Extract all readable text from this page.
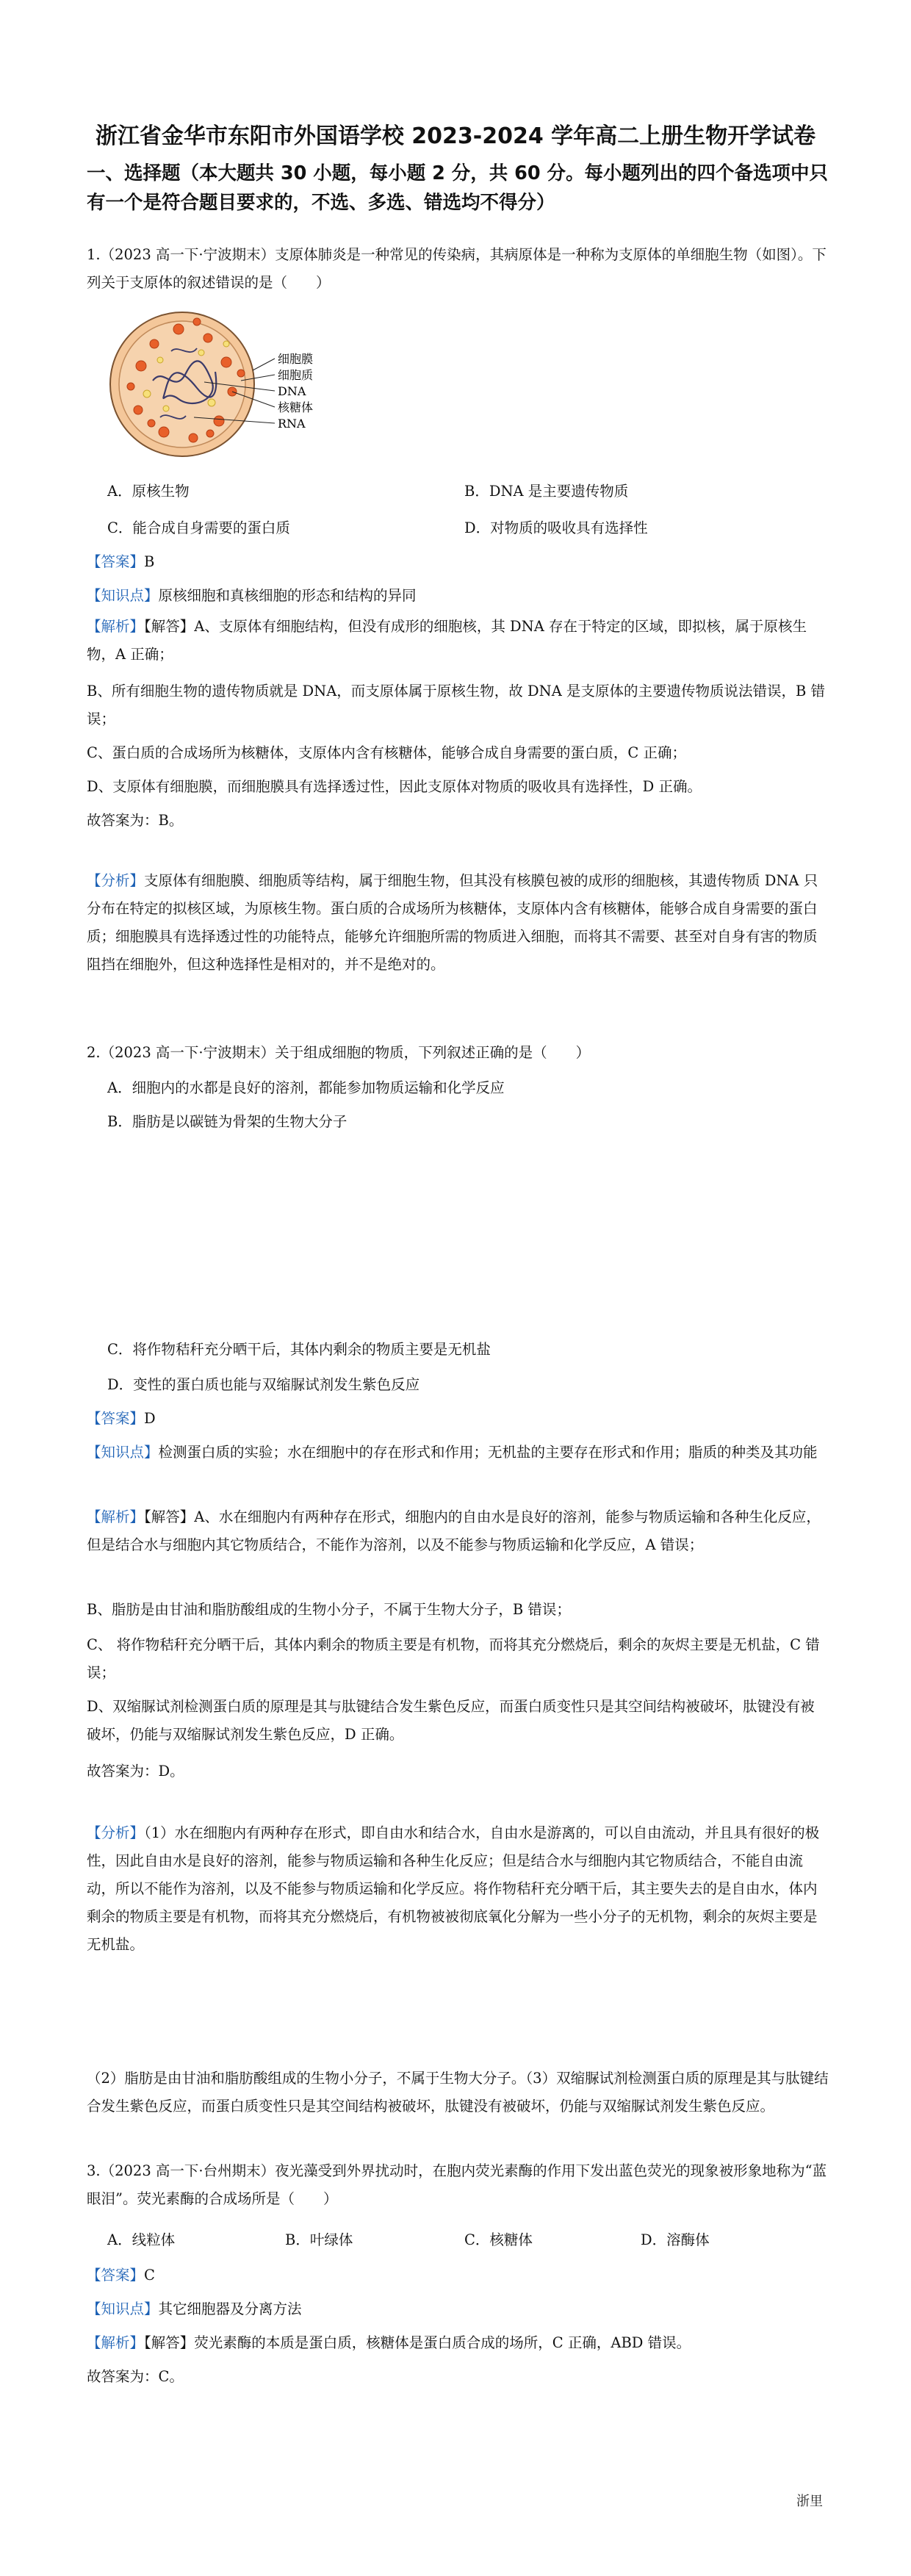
浙江省金华市东阳市外国语学校 2023-2024 学年高二上册生物开学试卷
一、选择题（本大题共 30 小题，每小题 2 分，共 60 分。每小题列出的四个备选项中只有一个是符合题目要求的，不选、多选、错选均不得分）
1.（2023 高一下·宁波期末）支原体肺炎是一种常见的传染病，其病原体是一种称为支原体的单细胞生物（如图）。下列关于支原体的叙述错误的是（　　）
细胞膜
细胞质
DNA
核糖体
RNA
A．原核生物	B．DNA 是主要遗传物质
C．能合成自身需要的蛋白质	D．对物质的吸收具有选择性
【答案】B
【知识点】原核细胞和真核细胞的形态和结构的异同
【解析】【解答】A、支原体有细胞结构，但没有成形的细胞核，其 DNA 存在于特定的区域，即拟核，属于原核生物，A 正确；
B、所有细胞生物的遗传物质就是 DNA，而支原体属于原核生物，故 DNA 是支原体的主要遗传物质说法错误，B 错误；
C、蛋白质的合成场所为核糖体，支原体内含有核糖体，能够合成自身需要的蛋白质，C 正确；
D、支原体有细胞膜，而细胞膜具有选择透过性，因此支原体对物质的吸收具有选择性，D 正确。
故答案为：B。
【分析】支原体有细胞膜、细胞质等结构，属于细胞生物，但其没有核膜包被的成形的细胞核，其遗传物质 DNA 只分布在特定的拟核区域，为原核生物。蛋白质的合成场所为核糖体，支原体内含有核糖体，能够合成自身需要的蛋白质；细胞膜具有选择透过性的功能特点，能够允许细胞所需的物质进入细胞，而将其不需要、甚至对自身有害的物质阻挡在细胞外，但这种选择性是相对的，并不是绝对的。
2.（2023 高一下·宁波期末）关于组成细胞的物质，下列叙述正确的是（　　）
A．细胞内的水都是良好的溶剂，都能参加物质运输和化学反应
B．脂肪是以碳链为骨架的生物大分子
C．将作物秸秆充分晒干后，其体内剩余的物质主要是无机盐
D．变性的蛋白质也能与双缩脲试剂发生紫色反应
【答案】D
【知识点】检测蛋白质的实验；水在细胞中的存在形式和作用；无机盐的主要存在形式和作用；脂质的种类及其功能
【解析】【解答】A、水在细胞内有两种存在形式，细胞内的自由水是良好的溶剂，能参与物质运输和各种生化反应，但是结合水与细胞内其它物质结合，不能作为溶剂，以及不能参与物质运输和化学反应，A 错误；
B、脂肪是由甘油和脂肪酸组成的生物小分子，不属于生物大分子，B 错误；
C、 将作物秸秆充分晒干后，其体内剩余的物质主要是有机物，而将其充分燃烧后，剩余的灰烬主要是无机盐，C 错误；
D、双缩脲试剂检测蛋白质的原理是其与肽键结合发生紫色反应，而蛋白质变性只是其空间结构被破坏，肽键没有被破坏，仍能与双缩脲试剂发生紫色反应，D 正确。
故答案为：D。
【分析】（1）水在细胞内有两种存在形式，即自由水和结合水，自由水是游离的，可以自由流动，并且具有很好的极性，因此自由水是良好的溶剂，能参与物质运输和各种生化反应；但是结合水与细胞内其它物质结合，不能自由流动，所以不能作为溶剂，以及不能参与物质运输和化学反应。将作物秸秆充分晒干后，其主要失去的是自由水，体内剩余的物质主要是有机物，而将其充分燃烧后，有机物被被彻底氧化分解为一些小分子的无机物，剩余的灰烬主要是无机盐。
（2）脂肪是由甘油和脂肪酸组成的生物小分子，不属于生物大分子。（3）双缩脲试剂检测蛋白质的原理是其与肽键结合发生紫色反应，而蛋白质变性只是其空间结构被破坏，肽键没有被破坏，仍能与双缩脲试剂发生紫色反应。
3.（2023 高一下·台州期末）夜光藻受到外界扰动时，在胞内荧光素酶的作用下发出蓝色荧光的现象被形象地称为“蓝眼泪”。荧光素酶的合成场所是（　　）
A．线粒体	B．叶绿体	C．核糖体	D．溶酶体
【答案】C
【知识点】其它细胞器及分离方法
【解析】【解答】荧光素酶的本质是蛋白质，核糖体是蛋白质合成的场所，C 正确，ABD 错误。
故答案为：C。
浙里
